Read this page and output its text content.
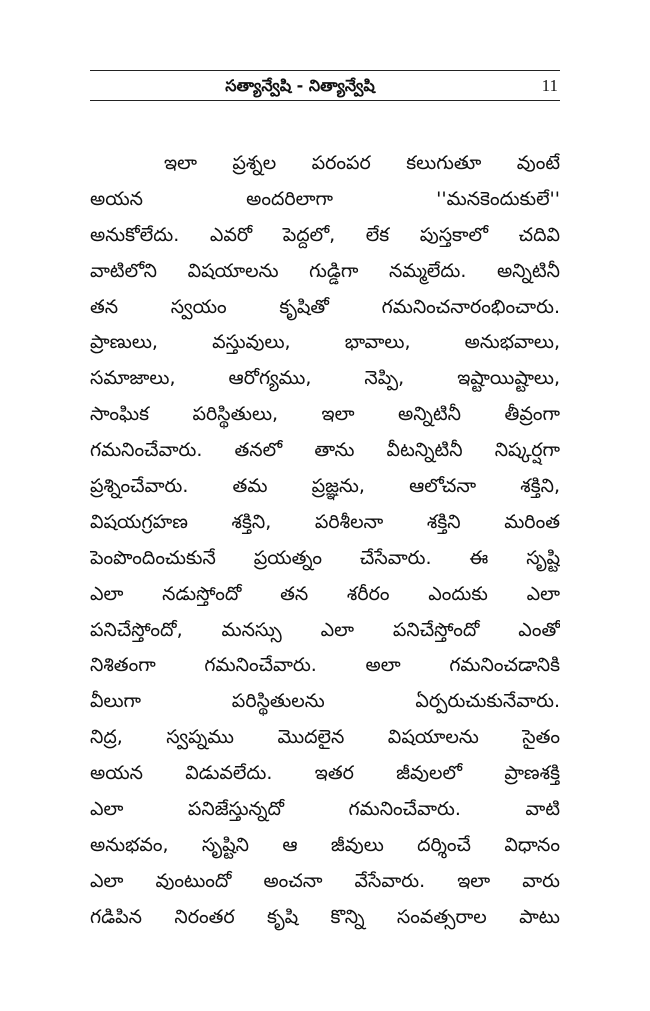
సత్యాన్వేషి - నిత్యాన్వేషి	11
ఇలా ప్రశ్నల పరంపర కలుగుతూ వుంటే
అయన అందరిలాగా ''మనకెందుకులే''
అనుకోలేదు. ఎవరో పెద్దలో, లేక పుస్తకాలో చదివి
వాటిలోని విషయాలను గుడ్డిగా నమ్మలేదు. అన్నిటినీ
తన స్వయం కృషితో గమనించనారంభించారు.
ప్రాణులు, వస్తువులు, భావాలు, అనుభవాలు,
సమాజాలు, ఆరోగ్యము, నెప్పి, ఇష్టాయిష్టాలు,
సాంఘిక పరిస్థితులు, ఇలా అన్నిటినీ తీవ్రంగా
గమనించేవారు. తనలో తాను వీటన్నిటినీ నిష్కర్షగా
ప్రశ్నించేవారు. తమ ప్రజ్ఞను, ఆలోచనా శక్తిని,
విషయగ్రహణ శక్తిని, పరిశీలనా శక్తిని మరింత
పెంపొందించుకునే ప్రయత్నం చేసేవారు. ఈ సృష్టి
ఎలా నడుస్తోందో తన శరీరం ఎందుకు ఎలా
పనిచేస్తోందో, మనస్సు ఎలా పనిచేస్తోందో ఎంతో
నిశితంగా గమనించేవారు. అలా గమనించడానికి
వీలుగా పరిస్థితులను ఏర్పరుచుకునేవారు.
నిద్ర, స్వప్నము మొదలైన విషయాలను సైతం
అయన విడువలేదు. ఇతర జీవులలో ప్రాణశక్తి
ఎలా పనిజేస్తున్నదో గమనించేవారు. వాటి
అనుభవం, సృష్టిని ఆ జీవులు దర్శించే విధానం
ఎలా వుంటుందో అంచనా వేసేవారు. ఇలా వారు
గడిపిన నిరంతర కృషి కొన్ని సంవత్సరాల పాటు
